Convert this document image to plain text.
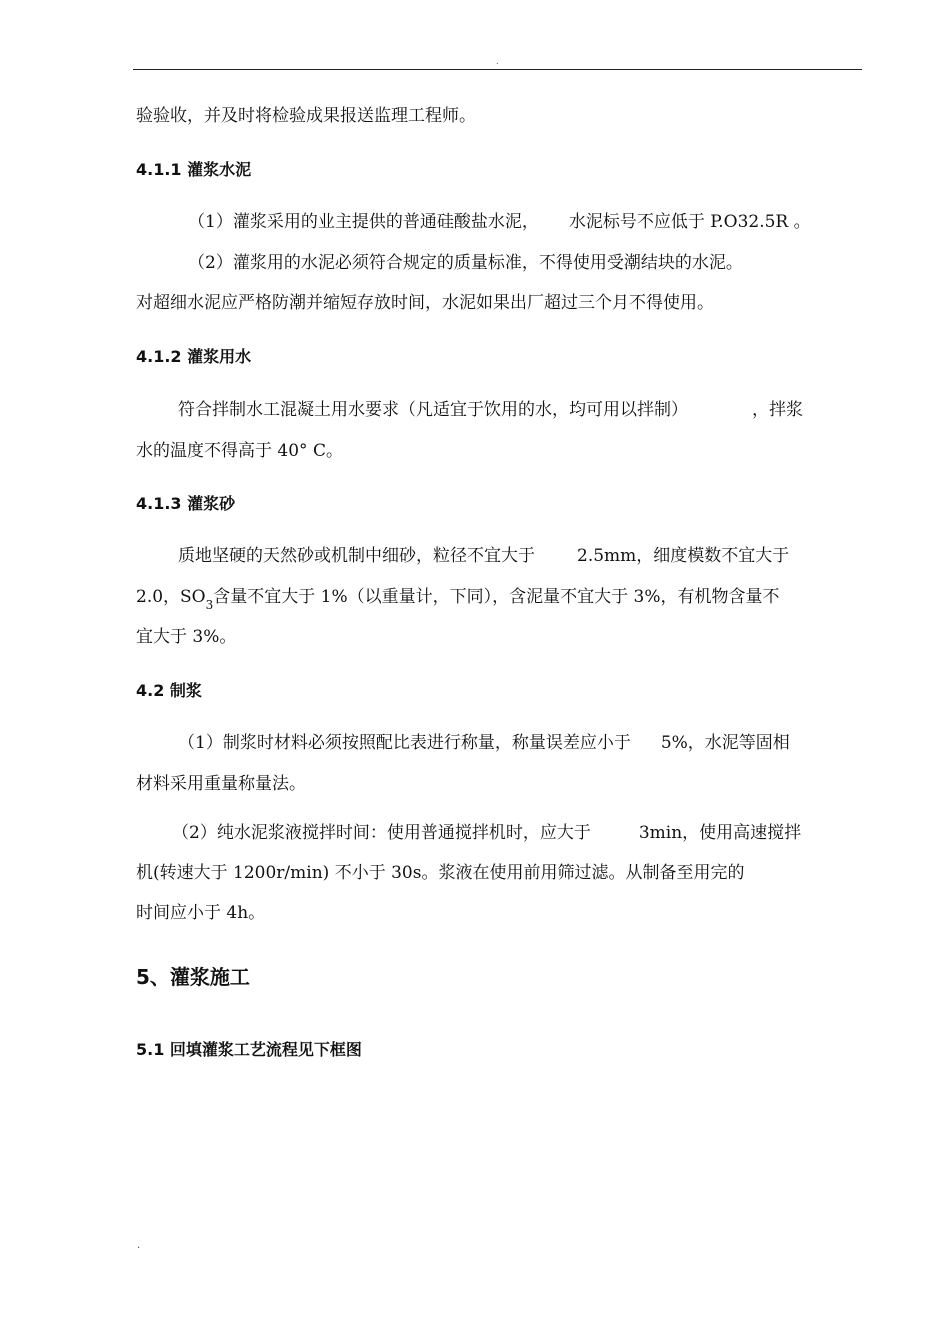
.
验验收，并及时将检验成果报送监理工程师。
4.1.1 灌浆水泥
（1）灌浆采用的业主提供的普通硅酸盐水泥， 水泥标号不应低于 P.O32.5R 。
（2）灌浆用的水泥必须符合规定的质量标准，不得使用受潮结块的水泥。
对超细水泥应严格防潮并缩短存放时间，水泥如果出厂超过三个月不得使用。
4.1.2 灌浆用水
符合拌制水工混凝土用水要求（凡适宜于饮用的水，均可用以拌制）	，拌浆
水的温度不得高于 40° C。
4.1.3 灌浆砂
质地坚硬的天然砂或机制中细砂，粒径不宜大于 2.5mm，细度模数不宜大于
2.0，$SO_3$含量不宜大于 1%（以重量计，下同），含泥量不宜大于 3%，有机物含量不
宜大于 3%。
4.2 制浆
（1）制浆时材料必须按照配比表进行称量，称量误差应小于 5%，水泥等固相
材料采用重量称量法。
（2）纯水泥浆液搅拌时间：使用普通搅拌机时，应大于	3min，使用高速搅拌
机(转速大于 1200r/min) 不小于 30s。浆液在使用前用筛过滤。从制备至用完的
时间应小于 4h。
5、灌浆施工
5.1 回填灌浆工艺流程见下框图
.
